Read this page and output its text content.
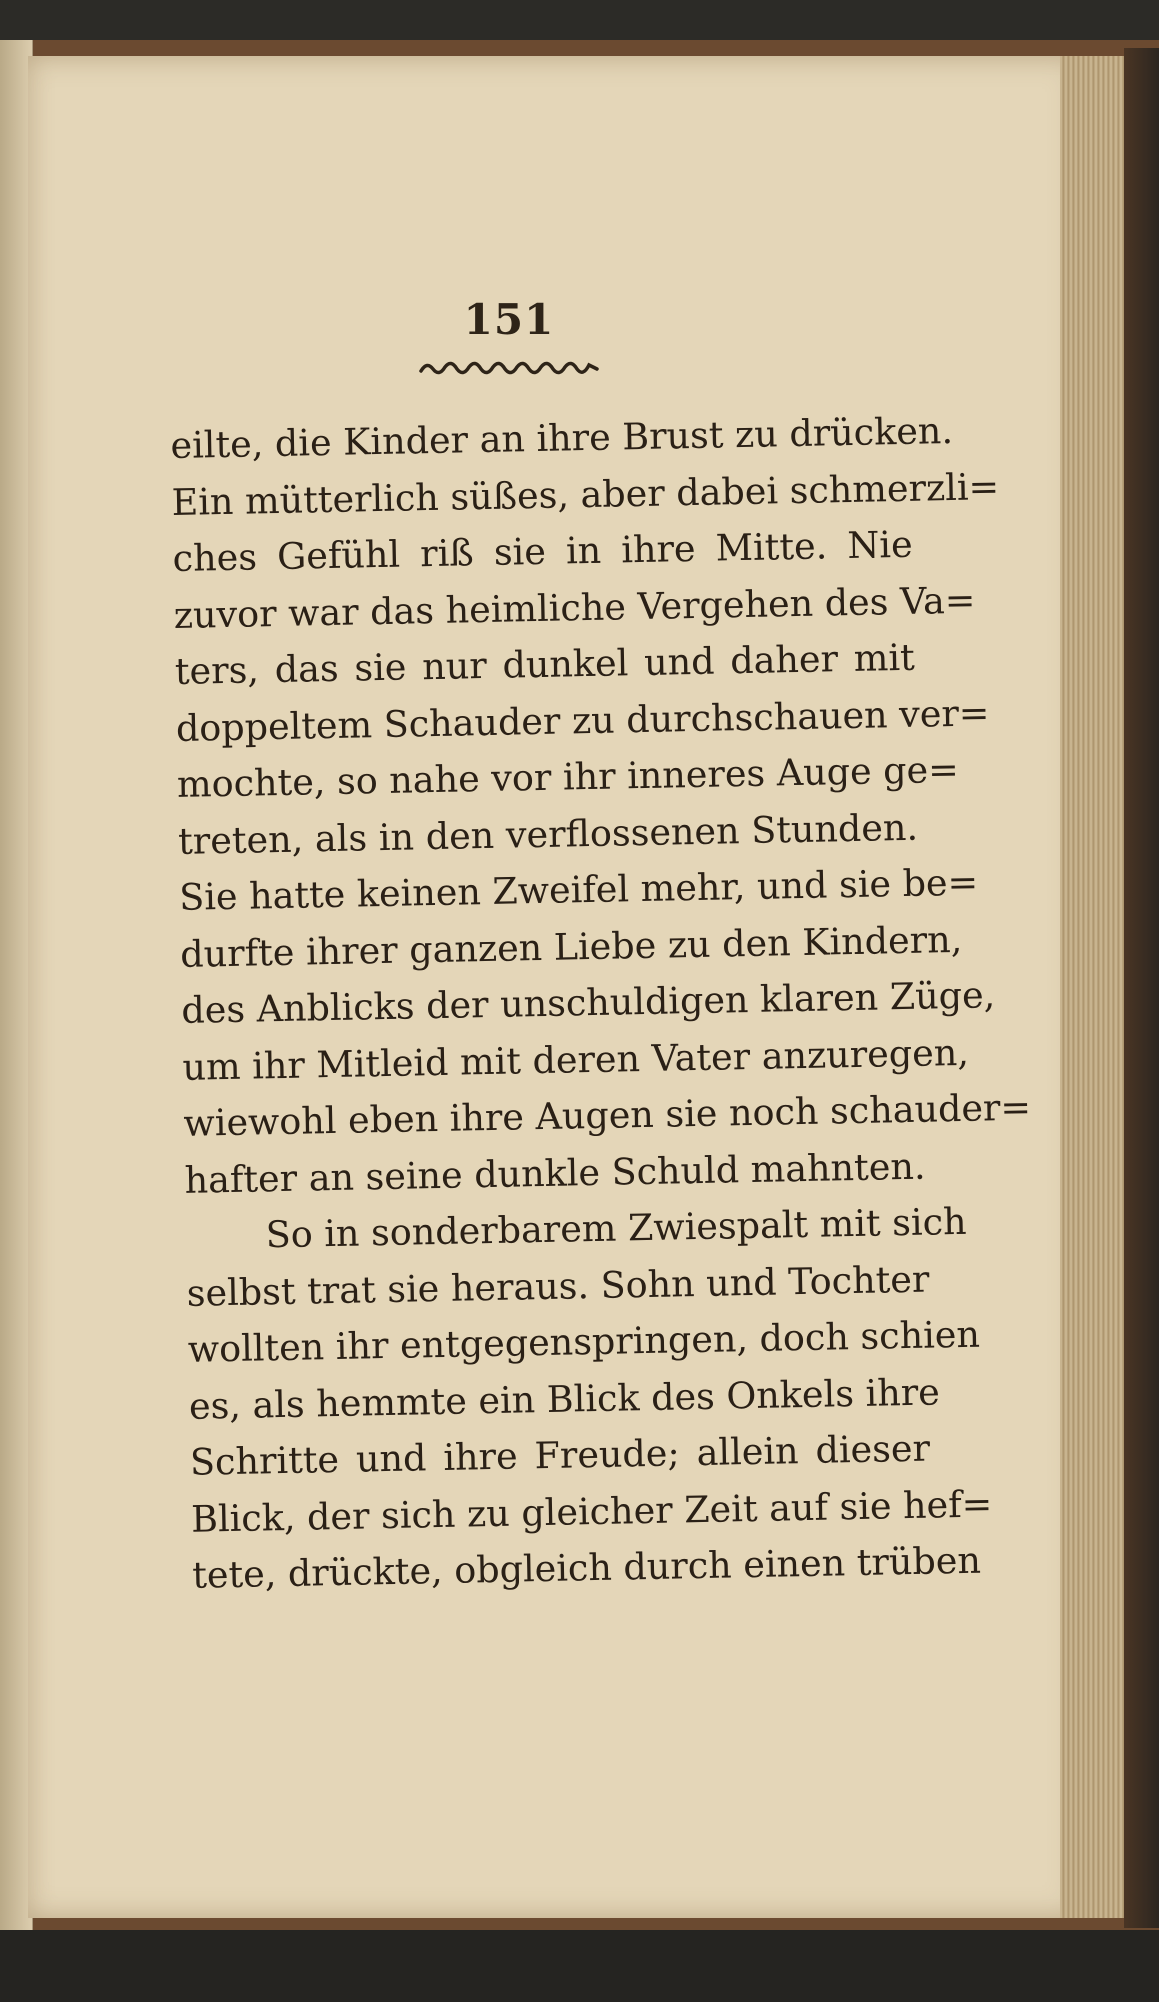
151
eilte, die Kinder an ihre Brust zu drücken.
Ein mütterlich süßes, aber dabei schmerzli=
ches Gefühl riß sie in ihre Mitte. Nie
zuvor war das heimliche Vergehen des Va=
ters, das sie nur dunkel und daher mit
doppeltem Schauder zu durchschauen ver=
mochte, so nahe vor ihr inneres Auge ge=
treten, als in den verflossenen Stunden.
Sie hatte keinen Zweifel mehr, und sie be=
durfte ihrer ganzen Liebe zu den Kindern,
des Anblicks der unschuldigen klaren Züge,
um ihr Mitleid mit deren Vater anzuregen,
wiewohl eben ihre Augen sie noch schauder=
hafter an seine dunkle Schuld mahnten.
So in sonderbarem Zwiespalt mit sich
selbst trat sie heraus. Sohn und Tochter
wollten ihr entgegenspringen, doch schien
es, als hemmte ein Blick des Onkels ihre
Schritte und ihre Freude; allein dieser
Blick, der sich zu gleicher Zeit auf sie hef=
tete, drückte, obgleich durch einen trüben
